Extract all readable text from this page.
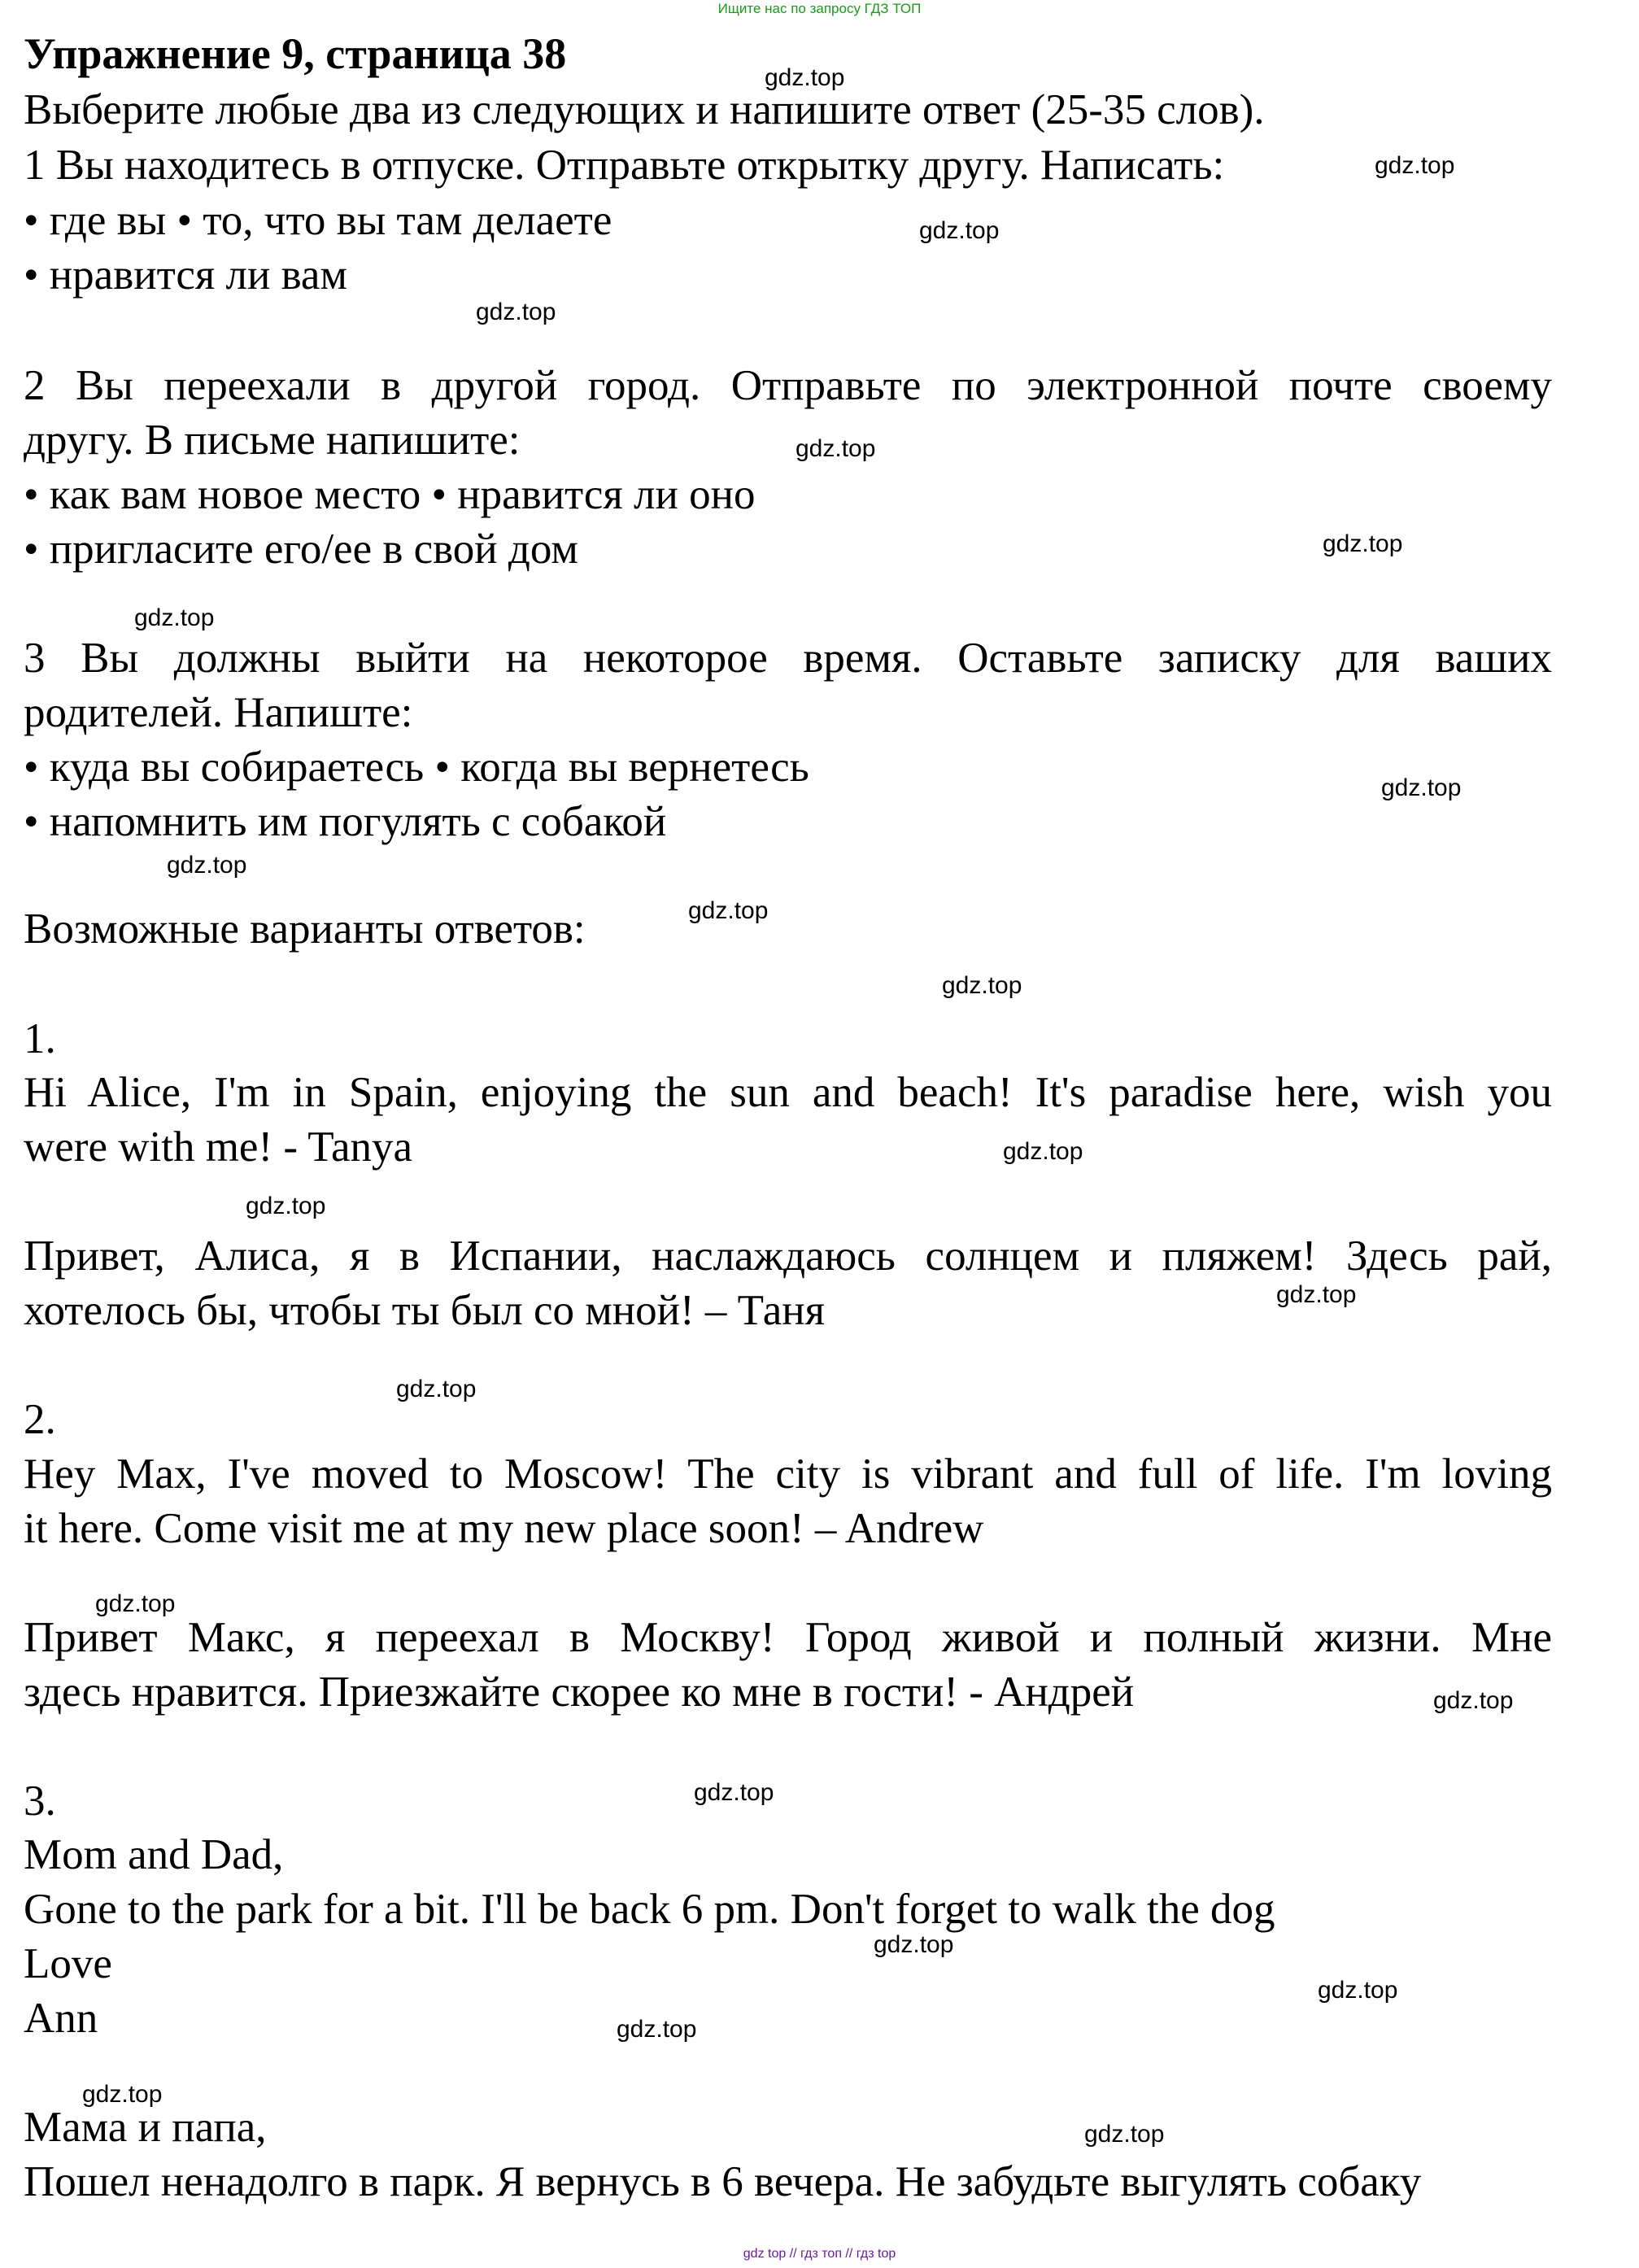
Ищите нас по запросу ГДЗ ТОП
Упражнение 9, страница 38
Выберите любые два из следующих и напишите ответ (25-35 слов).
1 Вы находитесь в отпуске. Отправьте открытку другу. Написать:
• где вы • то, что вы там делаете
• нравится ли вам
2 Вы переехали в другой город. Отправьте по электронной почте своему
другу. В письме напишите:
• как вам новое место • нравится ли оно
• пригласите его/ее в свой дом
3 Вы должны выйти на некоторое время. Оставьте записку для ваших
родителей. Напиште:
• куда вы собираетесь • когда вы вернетесь
• напомнить им погулять с собакой
Возможные варианты ответов:
1.
Hi Alice, I'm in Spain, enjoying the sun and beach! It's paradise here, wish you
were with me! - Tanya
Привет, Алиса, я в Испании, наслаждаюсь солнцем и пляжем! Здесь рай,
хотелось бы, чтобы ты был со мной! – Таня
2.
Hey Max, I've moved to Moscow! The city is vibrant and full of life. I'm loving
it here. Come visit me at my new place soon! – Andrew
Привет Макс, я переехал в Москву! Город живой и полный жизни. Мне
здесь нравится. Приезжайте скорее ко мне в гости! - Андрей
3.
Mom and Dad,
Gone to the park for a bit. I'll be back 6 pm. Don't forget to walk the dog
Love
Ann
Мама и папа,
Пошел ненадолго в парк. Я вернусь в 6 вечера. Не забудьте выгулять собаку
gdz.top
gdz.top
gdz.top
gdz.top
gdz.top
gdz.top
gdz.top
gdz.top
gdz.top
gdz.top
gdz.top
gdz.top
gdz.top
gdz.top
gdz.top
gdz.top
gdz.top
gdz.top
gdz.top
gdz.top
gdz.top
gdz.top
gdz.top
gdz top // гдз топ // гдз top
